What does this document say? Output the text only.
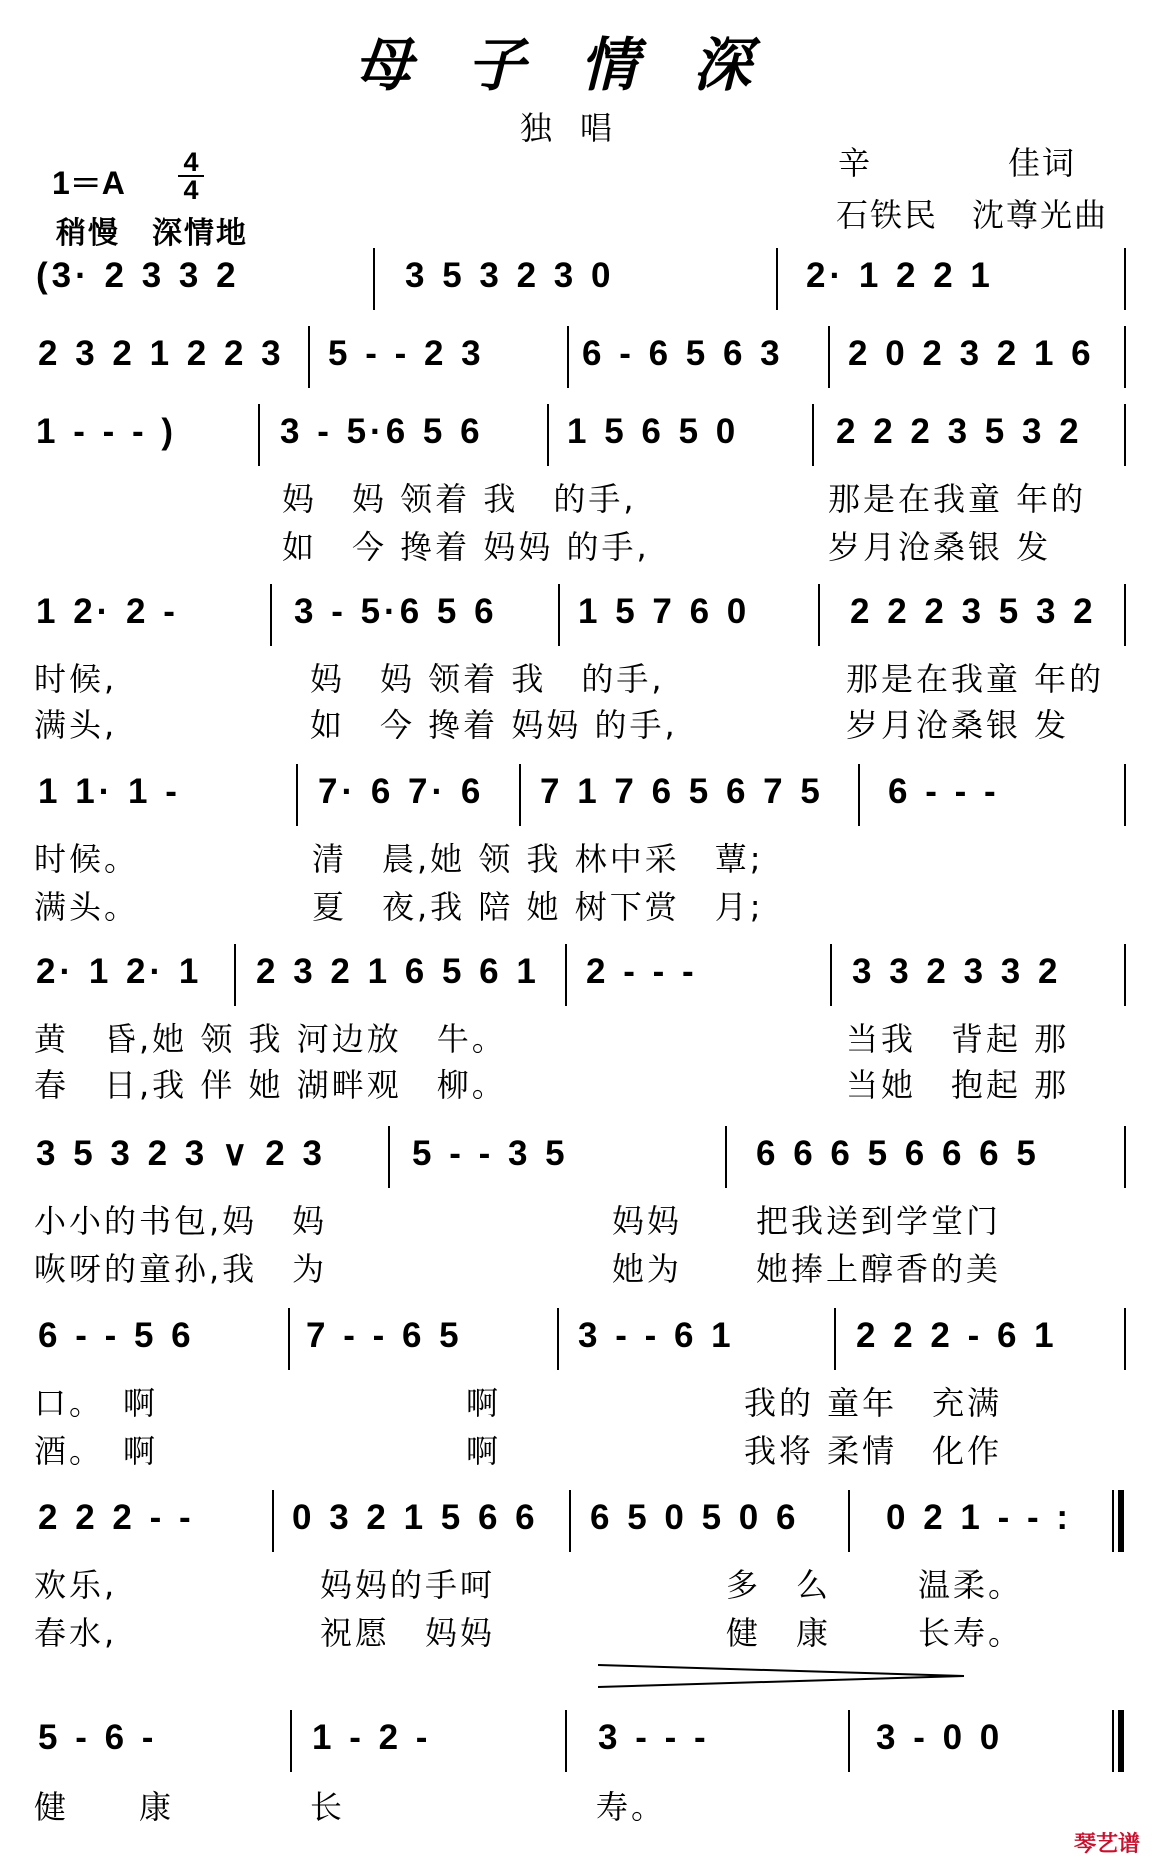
母子情深
独唱
辛　　　　佳词
石铁民　沈尊光曲
1＝A
4
4
稍慢　深情地
(3· 2 3 3 2	3 5 3 2 3 0	2· 1 2 2 1
2 3 2 1 2 2 3 5 - - 2 3	6 - 6 5 6 3 2 0 2 3 2 1 6
1 - - - )	3 - 5·6 5 6 1 5 6 5 0	2 2 2 3 5 3 2
妈　妈 领着 我　的手,	那是在我童 年的
如　今 搀着 妈妈 的手,	岁月沧桑银 发
1 2· 2 -	3 - 5·6 5 6 1 5 7 6 0	2 2 2 3 5 3 2
时候,	妈　妈 领着 我　的手,	那是在我童 年的
满头,	如　今 搀着 妈妈 的手,	岁月沧桑银 发
1 1· 1 -	7· 6 7· 6 7 1 7 6 5 6 7 5 6 - - -
时候。	清　晨,她 领 我 林中采　蕈;
满头。	夏　夜,我 陪 她 树下赏　月;
2· 1 2· 1 2 3 2 1 6 5 6 1 2 - - -	3 3 2 3 3 2
黄　昏,她 领 我 河边放　牛。	当我　背起 那
春　日,我 伴 她 湖畔观　柳。	当她　抱起 那
3 5 3 2 3 ∨ 2 3 5 - - 3 5	6 6 6 5 6 6 6 5
小小的书包,妈　妈	妈妈 把我送到学堂门
咴呀的童孙,我　为	她为 她捧上醇香的美
6 - - 5 6	7 - - 6 5	3 - - 6 1	2 2 2 - 6 1
口。　啊	啊	我的 童年　充满
酒。　啊	啊	我将 柔情　化作
2 2 2 - -	0 3 2 1 5 6 6 6 5 0 5 0 6 0 2 1 - - :
欢乐,	妈妈的手呵	多　么	温柔。
春水,	祝愿　妈妈	健　康	长寿。
5 - 6 -	1 - 2 -	3 - - -	3 - 0 0
健　　康	长	寿。
琴艺谱
